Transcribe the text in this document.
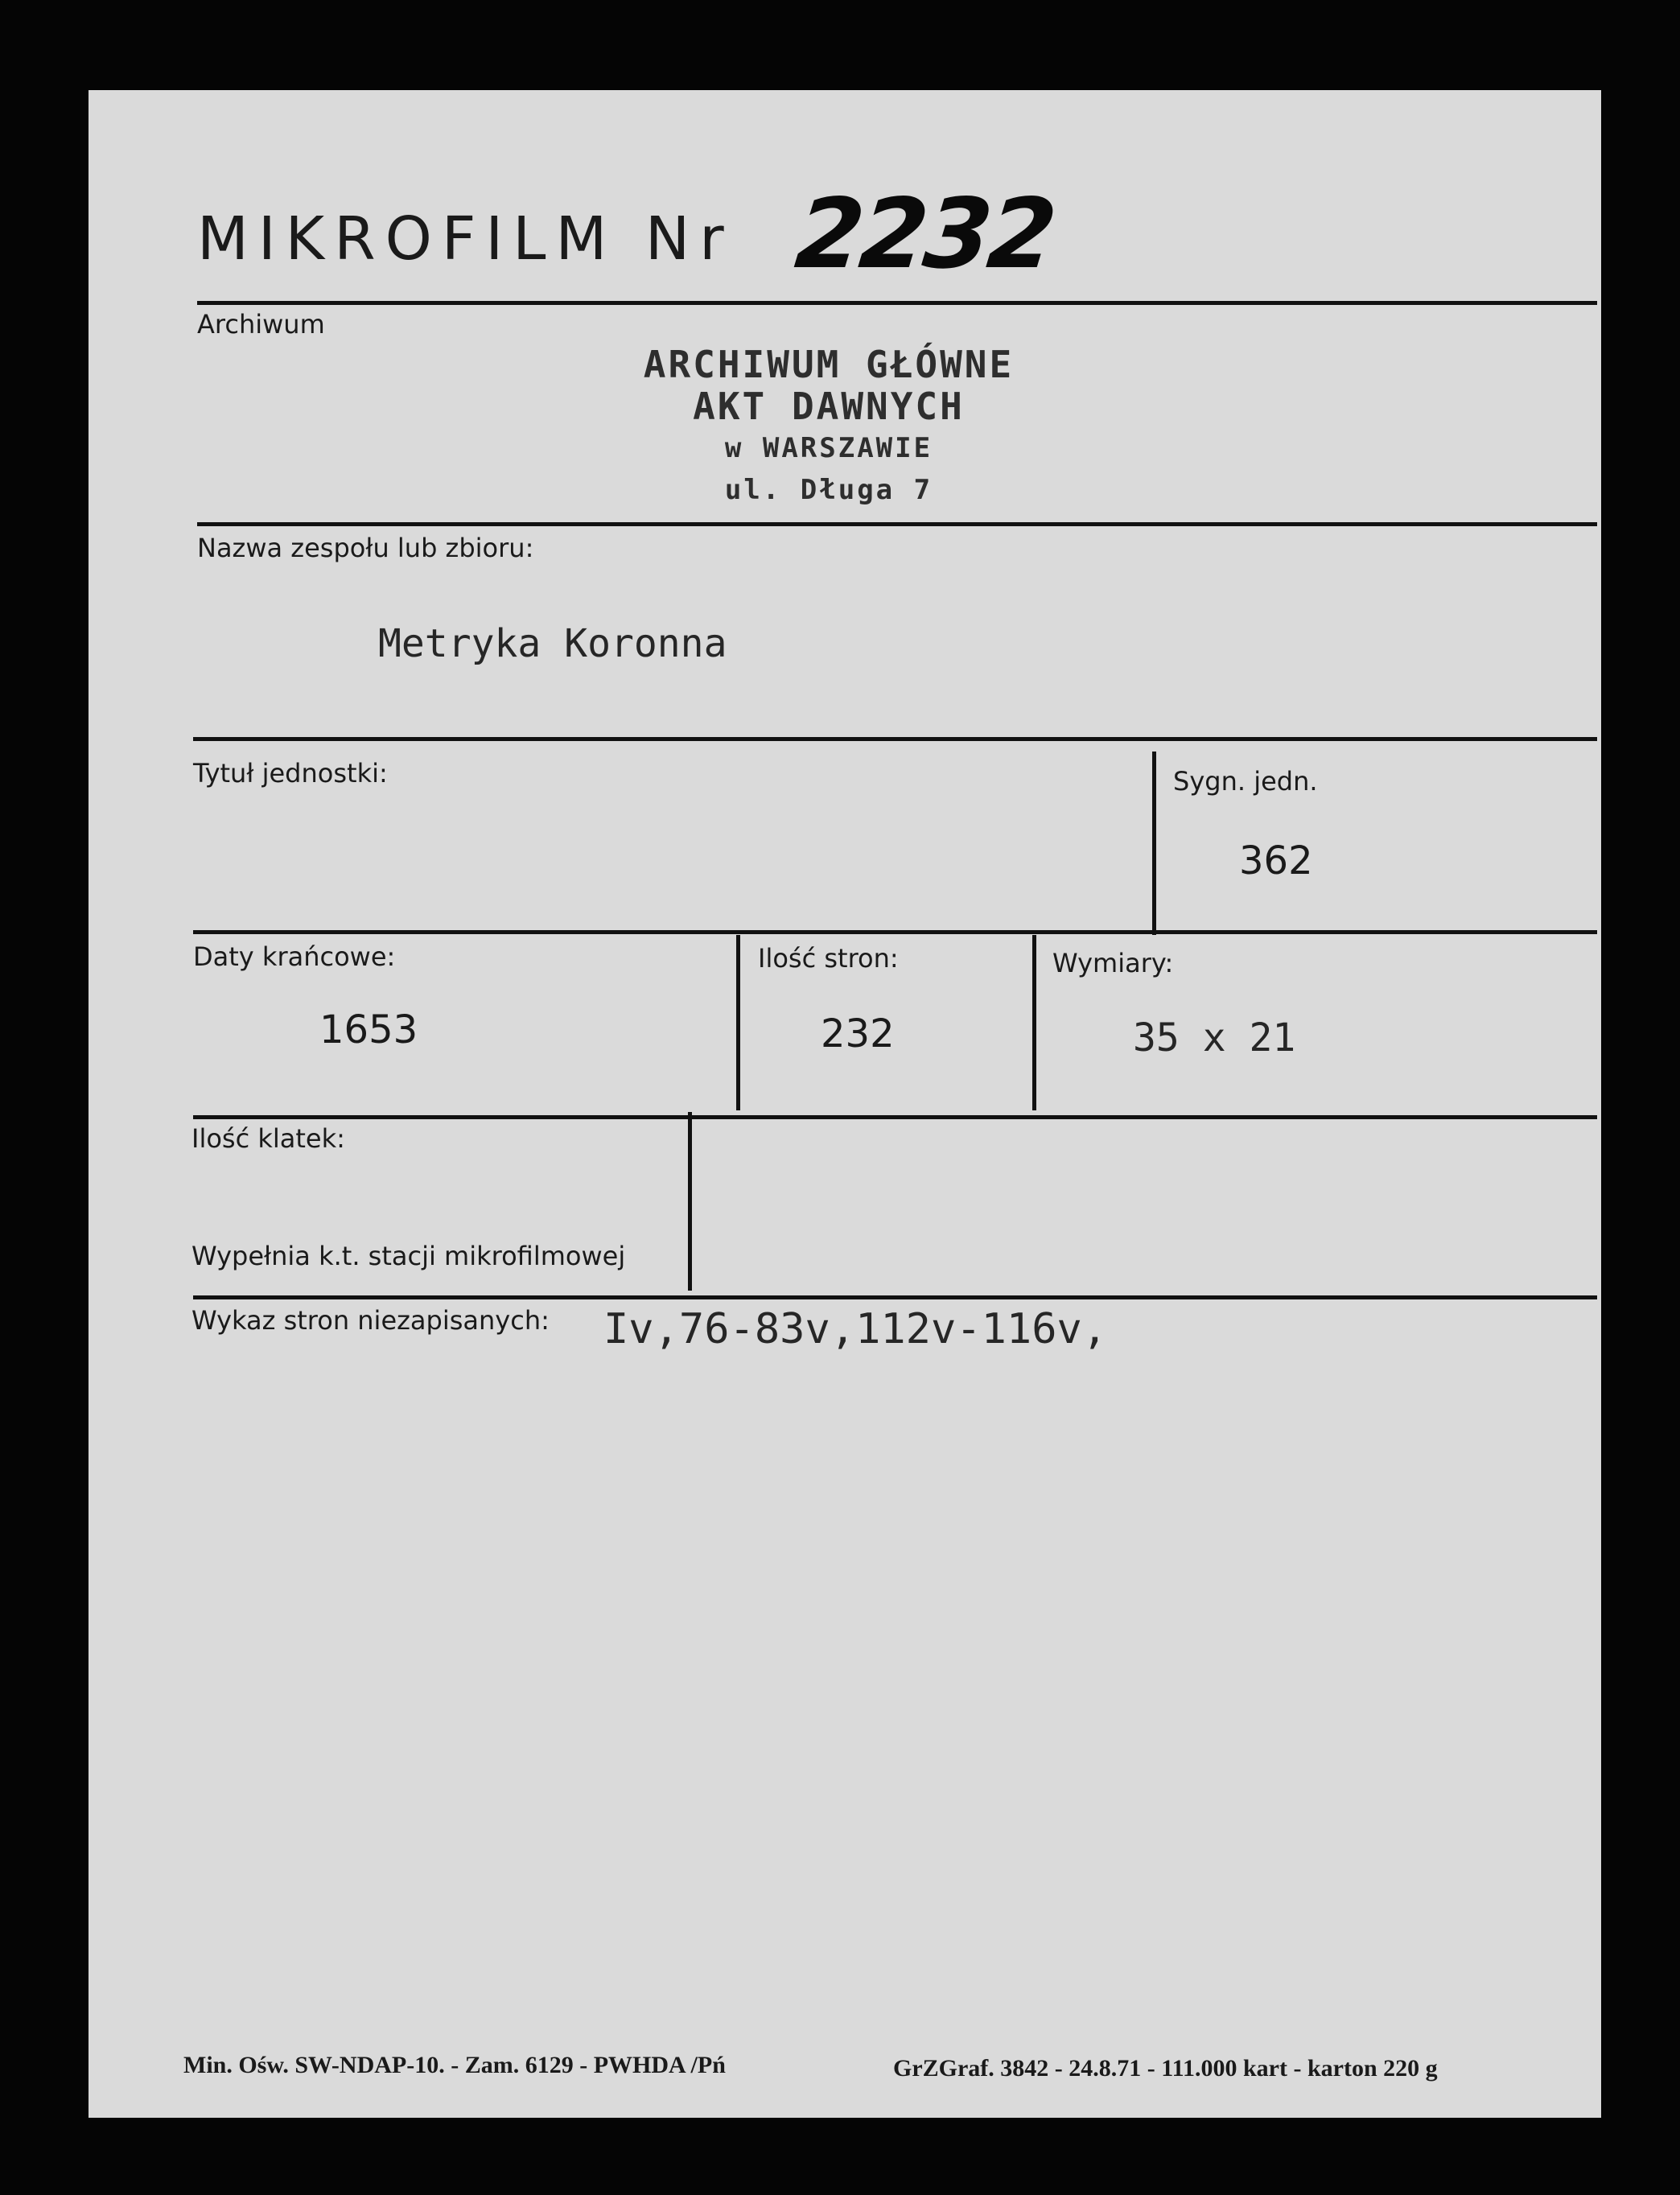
MIKROFILM Nr 2232
Archiwum
ARCHIWUM GŁÓWNE
AKT DAWNYCH
w WARSZAWIE
ul. Długa 7
Nazwa zespołu lub zbioru:
Metryka Koronna
Tytuł jednostki:	Sygn. jedn.
362
Daty krańcowe:
1653
Ilość stron:
232
Wymiary:
35 x 21
Ilość klatek:
Wypełnia k.t. stacji mikrofilmowej
Wykaz stron niezapisanych: Iv,76-83v,112v-116v,
Min. Ośw. SW-NDAP-10. - Zam. 6129 - PWHDA /Pń	GrZGraf. 3842 - 24.8.71 - 111.000 kart - karton 220 g
